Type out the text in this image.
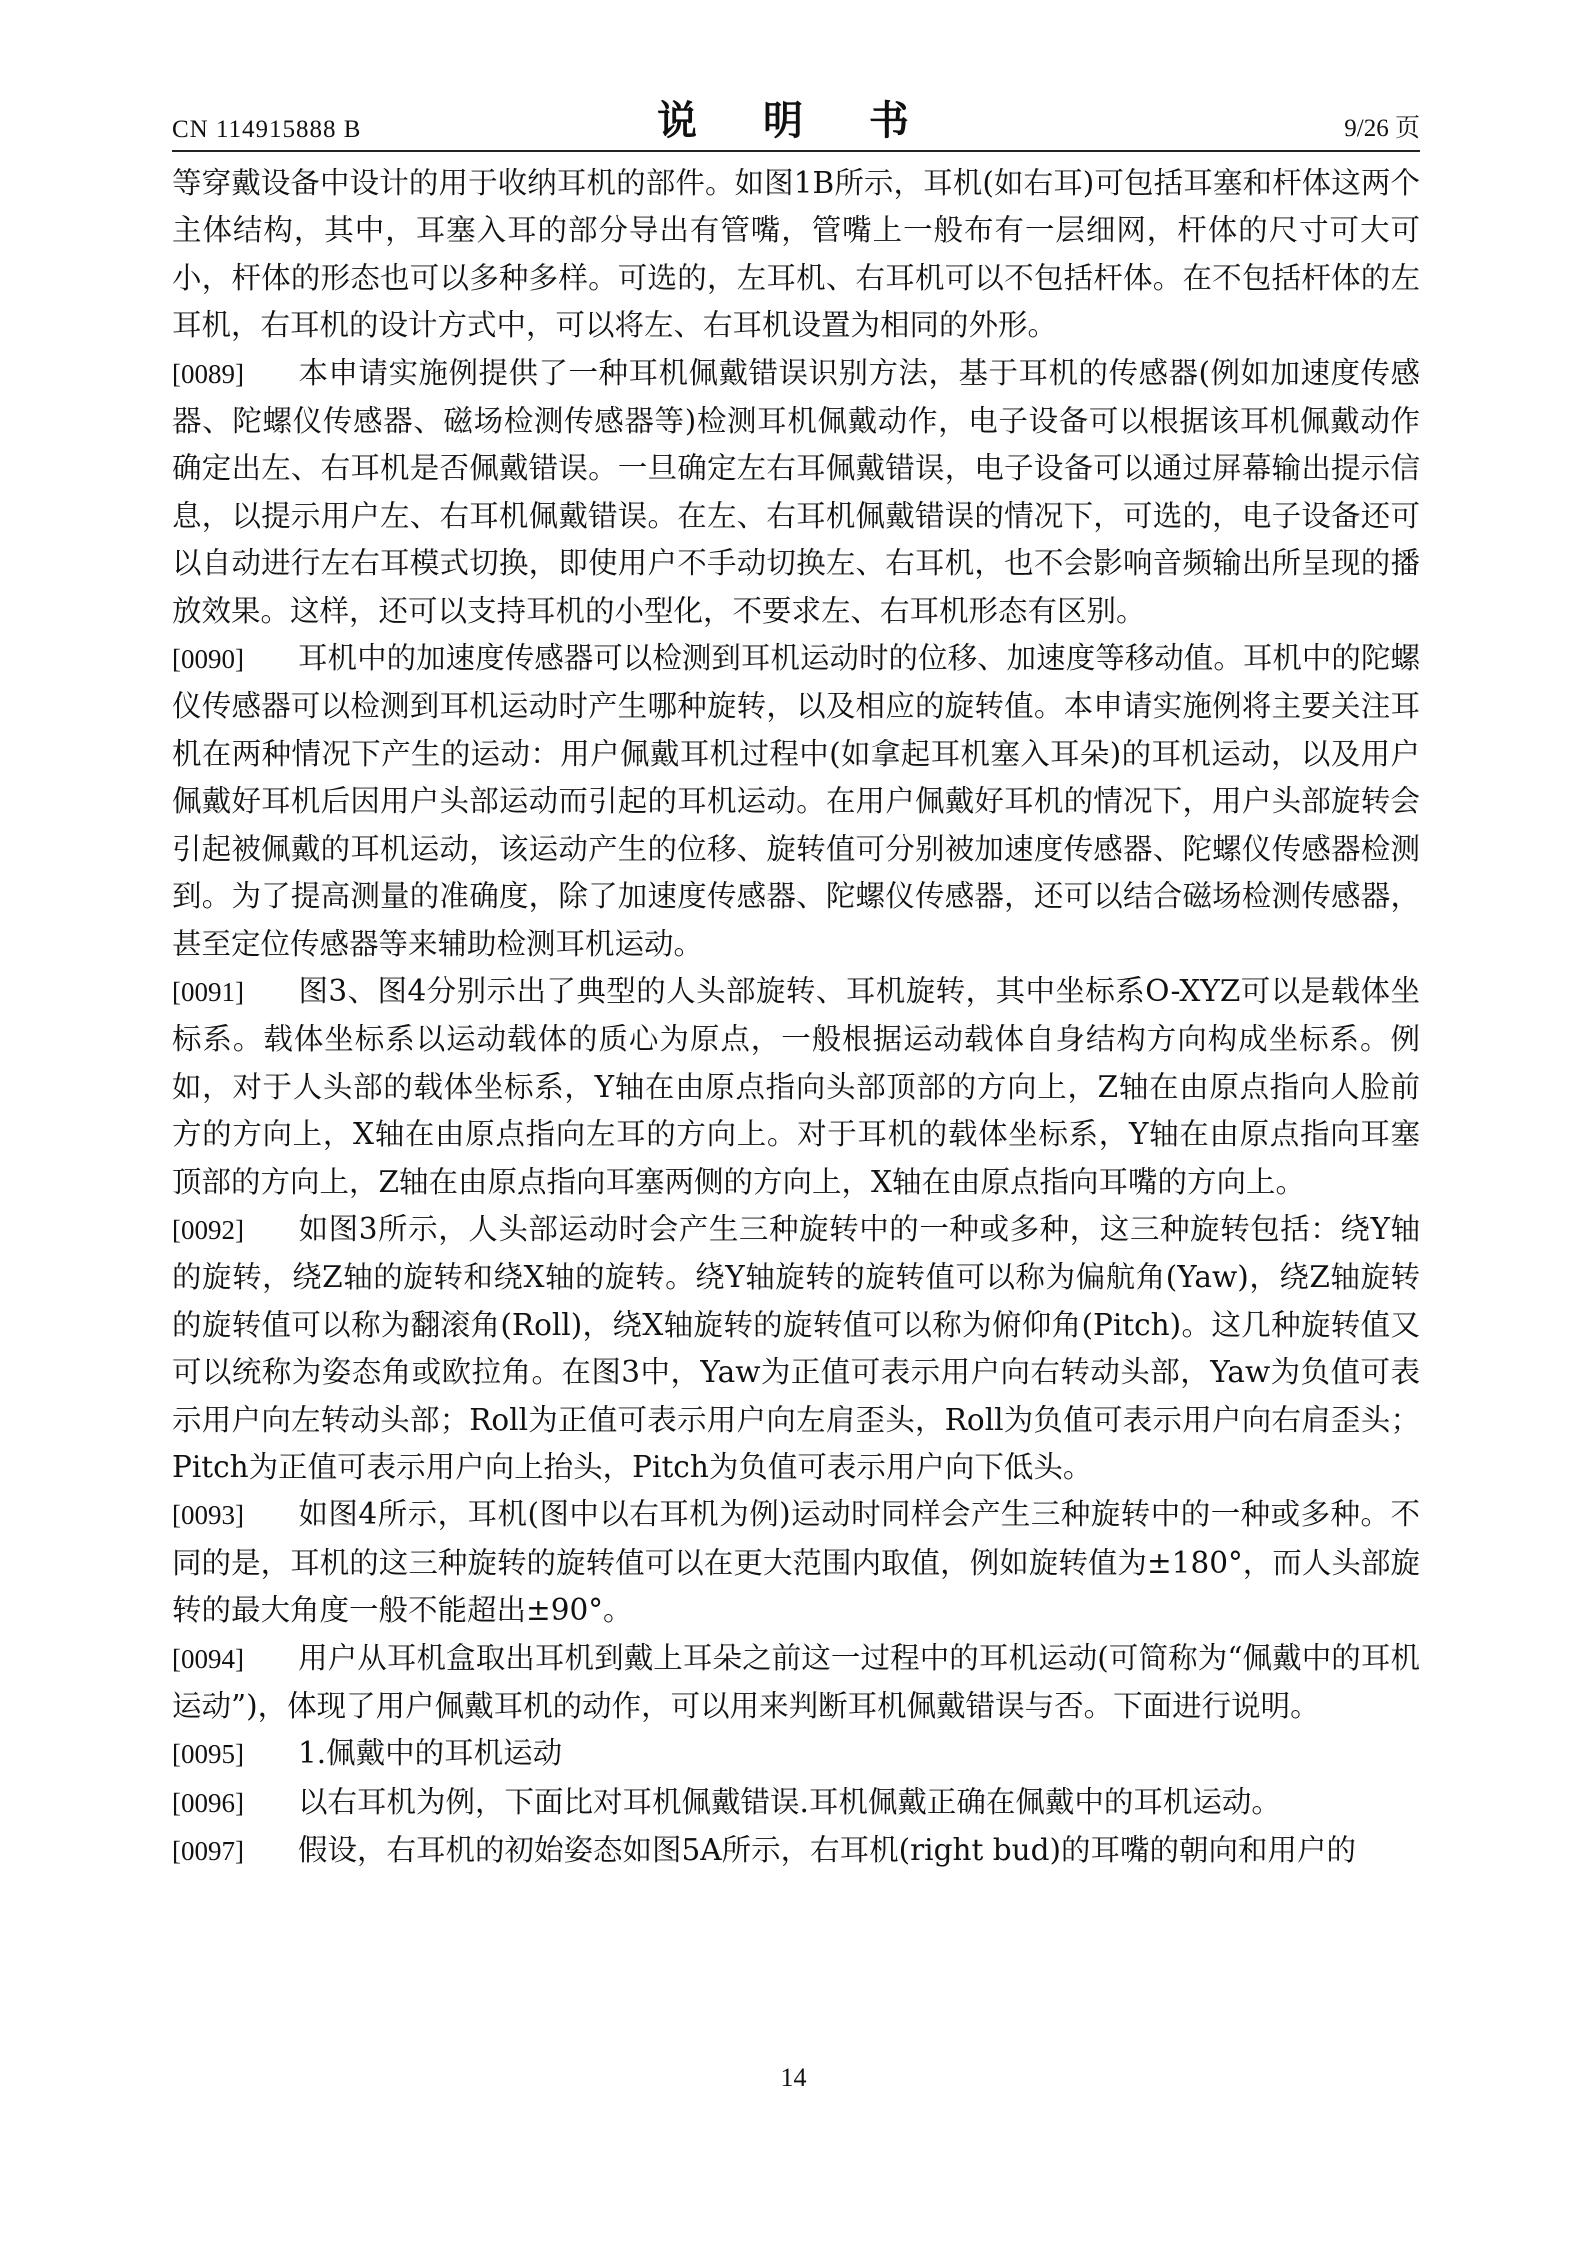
CN 114915888 B	说 明 书	9/26 页

等穿戴设备中设计的用于收纳耳机的部件。如图1B所示，耳机(如右耳)可包括耳塞和杆体这两个主体结构，其中，耳塞入耳的部分导出有管嘴，管嘴上一般布有一层细网，杆体的尺寸可大可小，杆体的形态也可以多种多样。可选的，左耳机、右耳机可以不包括杆体。在不包括杆体的左耳机，右耳机的设计方式中，可以将左、右耳机设置为相同的外形。

[0089] 本申请实施例提供了一种耳机佩戴错误识别方法，基于耳机的传感器(例如加速度传感器、陀螺仪传感器、磁场检测传感器等)检测耳机佩戴动作，电子设备可以根据该耳机佩戴动作确定出左、右耳机是否佩戴错误。一旦确定左右耳佩戴错误，电子设备可以通过屏幕输出提示信息，以提示用户左、右耳机佩戴错误。在左、右耳机佩戴错误的情况下，可选的，电子设备还可以自动进行左右耳模式切换，即使用户不手动切换左、右耳机，也不会影响音频输出所呈现的播放效果。这样，还可以支持耳机的小型化，不要求左、右耳机形态有区别。

[0090] 耳机中的加速度传感器可以检测到耳机运动时的位移、加速度等移动值。耳机中的陀螺仪传感器可以检测到耳机运动时产生哪种旋转，以及相应的旋转值。本申请实施例将主要关注耳机在两种情况下产生的运动：用户佩戴耳机过程中(如拿起耳机塞入耳朵)的耳机运动，以及用户佩戴好耳机后因用户头部运动而引起的耳机运动。在用户佩戴好耳机的情况下，用户头部旋转会引起被佩戴的耳机运动，该运动产生的位移、旋转值可分别被加速度传感器、陀螺仪传感器检测到。为了提高测量的准确度，除了加速度传感器、陀螺仪传感器，还可以结合磁场检测传感器，甚至定位传感器等来辅助检测耳机运动。

[0091] 图3、图4分别示出了典型的人头部旋转、耳机旋转，其中坐标系O-XYZ可以是载体坐标系。载体坐标系以运动载体的质心为原点，一般根据运动载体自身结构方向构成坐标系。例如，对于人头部的载体坐标系，Y轴在由原点指向头部顶部的方向上，Z轴在由原点指向人脸前方的方向上，X轴在由原点指向左耳的方向上。对于耳机的载体坐标系，Y轴在由原点指向耳塞顶部的方向上，Z轴在由原点指向耳塞两侧的方向上，X轴在由原点指向耳嘴的方向上。

[0092] 如图3所示，人头部运动时会产生三种旋转中的一种或多种，这三种旋转包括：绕Y轴的旋转，绕Z轴的旋转和绕X轴的旋转。绕Y轴旋转的旋转值可以称为偏航角(Yaw)，绕Z轴旋转的旋转值可以称为翻滚角(Roll)，绕X轴旋转的旋转值可以称为俯仰角(Pitch)。这几种旋转值又可以统称为姿态角或欧拉角。在图3中，Yaw为正值可表示用户向右转动头部，Yaw为负值可表示用户向左转动头部；Roll为正值可表示用户向左肩歪头，Roll为负值可表示用户向右肩歪头；Pitch为正值可表示用户向上抬头，Pitch为负值可表示用户向下低头。

[0093] 如图4所示，耳机(图中以右耳机为例)运动时同样会产生三种旋转中的一种或多种。不同的是，耳机的这三种旋转的旋转值可以在更大范围内取值，例如旋转值为±180°，而人头部旋转的最大角度一般不能超出±90°。

[0094] 用户从耳机盒取出耳机到戴上耳朵之前这一过程中的耳机运动(可简称为“佩戴中的耳机运动”)，体现了用户佩戴耳机的动作，可以用来判断耳机佩戴错误与否。下面进行说明。

[0095] 1.佩戴中的耳机运动

[0096] 以右耳机为例，下面比对耳机佩戴错误.耳机佩戴正确在佩戴中的耳机运动。

[0097] 假设，右耳机的初始姿态如图5A所示，右耳机(right bud)的耳嘴的朝向和用户的

14
